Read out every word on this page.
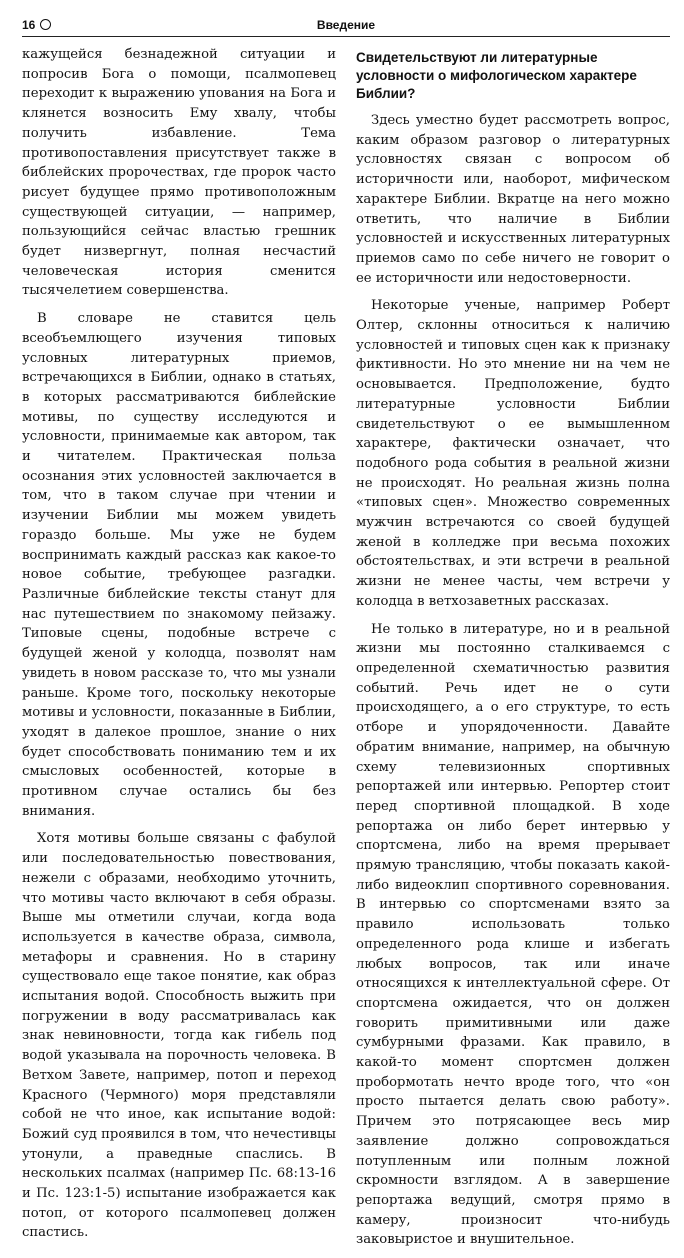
16	Введение

кажущейся безнадежной ситуации и попросив Бога о помощи, псалмопевец переходит к выражению упования на Бога и клянется возносить Ему хвалу, чтобы получить избавление. Тема противопоставления присутствует также в библейских пророчествах, где пророк часто рисует будущее прямо противоположным существующей ситуации, — например, пользующийся сейчас властью грешник будет низвергнут, полная несчастий человеческая история сменится тысячелетием совершенства.

В словаре не ставится цель всеобъемлющего изучения типовых условных литературных приемов, встречающихся в Библии, однако в статьях, в которых рассматриваются библейские мотивы, по существу исследуются и условности, принимаемые как автором, так и читателем. Практическая польза осознания этих условностей заключается в том, что в таком случае при чтении и изучении Библии мы можем увидеть гораздо больше. Мы уже не будем воспринимать каждый рассказ как какое-то новое событие, требующее разгадки. Различные библейские тексты станут для нас путешествием по знакомому пейзажу. Типовые сцены, подобные встрече с будущей женой у колодца, позволят нам увидеть в новом рассказе то, что мы узнали раньше. Кроме того, поскольку некоторые мотивы и условности, показанные в Библии, уходят в далекое прошлое, знание о них будет способствовать пониманию тем и их смысловых особенностей, которые в противном случае остались бы без внимания.

Хотя мотивы больше связаны с фабулой или последовательностью повествования, нежели с образами, необходимо уточнить, что мотивы часто включают в себя образы. Выше мы отметили случаи, когда вода используется в качестве образа, символа, метафоры и сравнения. Но в старину существовало еще такое понятие, как образ испытания водой. Способность выжить при погружении в воду рассматривалась как знак невиновности, тогда как гибель под водой указывала на порочность человека. В Ветхом Завете, например, потоп и переход Красного (Чермного) моря представляли собой не что иное, как испытание водой: Божий суд проявился в том, что нечестивцы утонули, а праведные спаслись. В нескольких псалмах (например Пс. 68:13-16 и Пс. 123:1-5) испытание изображается как потоп, от которого псалмопевец должен спастись.

Свидетельствуют ли литературные условности о мифологическом характере Библии?

Здесь уместно будет рассмотреть вопрос, каким образом разговор о литературных условностях связан с вопросом об историчности или, наоборот, мифическом характере Библии. Вкратце на него можно ответить, что наличие в Библии условностей и искусственных литературных приемов само по себе ничего не говорит о ее историчности или недостоверности.

Некоторые ученые, например Роберт Олтер, склонны относиться к наличию условностей и типовых сцен как к признаку фиктивности. Но это мнение ни на чем не основывается. Предположение, будто литературные условности Библии свидетельствуют о ее вымышленном характере, фактически означает, что подобного рода события в реальной жизни не происходят. Но реальная жизнь полна «типовых сцен». Множество современных мужчин встречаются со своей будущей женой в колледже при весьма похожих обстоятельствах, и эти встречи в реальной жизни не менее часты, чем встречи у колодца в ветхозаветных рассказах.

Не только в литературе, но и в реальной жизни мы постоянно сталкиваемся с определенной схематичностью развития событий. Речь идет не о сути происходящего, а о его структуре, то есть отборе и упорядоченности. Давайте обратим внимание, например, на обычную схему телевизионных спортивных репортажей или интервью. Репортер стоит перед спортивной площадкой. В ходе репортажа он либо берет интервью у спортсмена, либо на время прерывает прямую трансляцию, чтобы показать какой-либо видеоклип спортивного соревнования. В интервью со спортсменами взято за правило использовать только определенного рода клише и избегать любых вопросов, так или иначе относящихся к интеллектуальной сфере. От спортсмена ожидается, что он должен говорить примитивными или даже сумбурными фразами. Как правило, в какой-то момент спортсмен должен пробормотать нечто вроде того, что «он просто пытается делать свою работу». Причем это потрясающее весь мир заявление должно сопровождаться потупленным или полным ложной скромности взглядом. А в завершение репортажа ведущий, смотря прямо в камеру, произносит что-нибудь заковыристое и внушительное.
